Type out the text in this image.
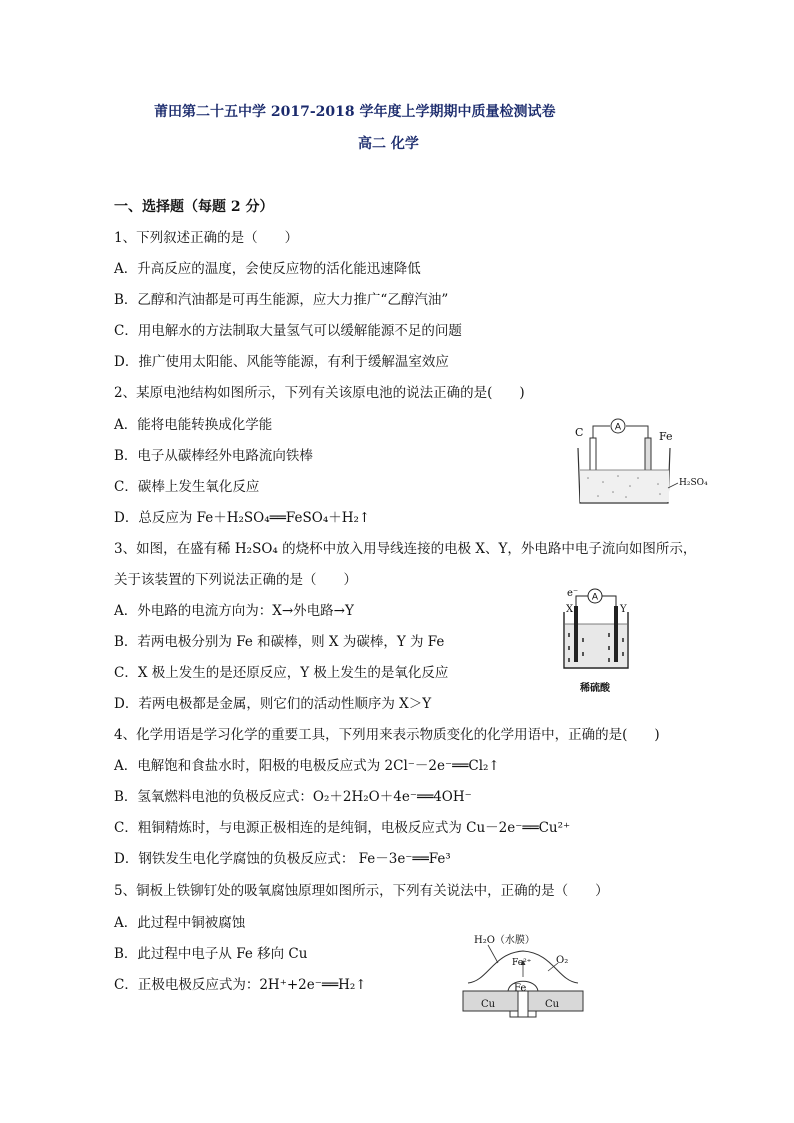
莆田第二十五中学 2017-2018 学年度上学期期中质量检测试卷
高二 化学
一、选择题（每题 2 分）
1、下列叙述正确的是（　　）
A．升高反应的温度，会使反应物的活化能迅速降低
B．乙醇和汽油都是可再生能源，应大力推广“乙醇汽油”
C．用电解水的方法制取大量氢气可以缓解能源不足的问题
D．推广使用太阳能、风能等能源，有利于缓解温室效应
2、某原电池结构如图所示，下列有关该原电池的说法正确的是(　　)
A．能将电能转换成化学能
B．电子从碳棒经外电路流向铁棒
C．碳棒上发生氧化反应
D．总反应为 Fe＋H₂SO₄══FeSO₄＋H₂↑
A
C	Fe
H₂SO₄
3、如图，在盛有稀 H₂SO₄ 的烧杯中放入用导线连接的电极 X、Y，外电路中电子流向如图所示，
关于该装置的下列说法正确的是（　　）
A．外电路的电流方向为：X→外电路→Y
B．若两电极分别为 Fe 和碳棒，则 X 为碳棒，Y 为 Fe
C．X 极上发生的是还原反应，Y 极上发生的是氧化反应
D．若两电极都是金属，则它们的活动性顺序为 X＞Y
A
e⁻
X	Y
稀硫酸
4、化学用语是学习化学的重要工具，下列用来表示物质变化的化学用语中，正确的是(　　)
A．电解饱和食盐水时，阳极的电极反应式为 2Cl⁻－2e⁻══Cl₂↑
B．氢氧燃料电池的负极反应式：O₂＋2H₂O＋4e⁻══4OH⁻
C．粗铜精炼时，与电源正极相连的是纯铜，电极反应式为 Cu－2e⁻══Cu²⁺
D．钢铁发生电化学腐蚀的负极反应式： Fe－3e⁻══Fe³
5、铜板上铁铆钉处的吸氧腐蚀原理如图所示，下列有关说法中，正确的是（　　）
A．此过程中铜被腐蚀
B．此过程中电子从 Fe 移向 Cu
C．正极电极反应式为：2H⁺+2e⁻══H₂↑
H₂O（水膜）
O₂
Fe²⁺
Fe
Cu	Cu
